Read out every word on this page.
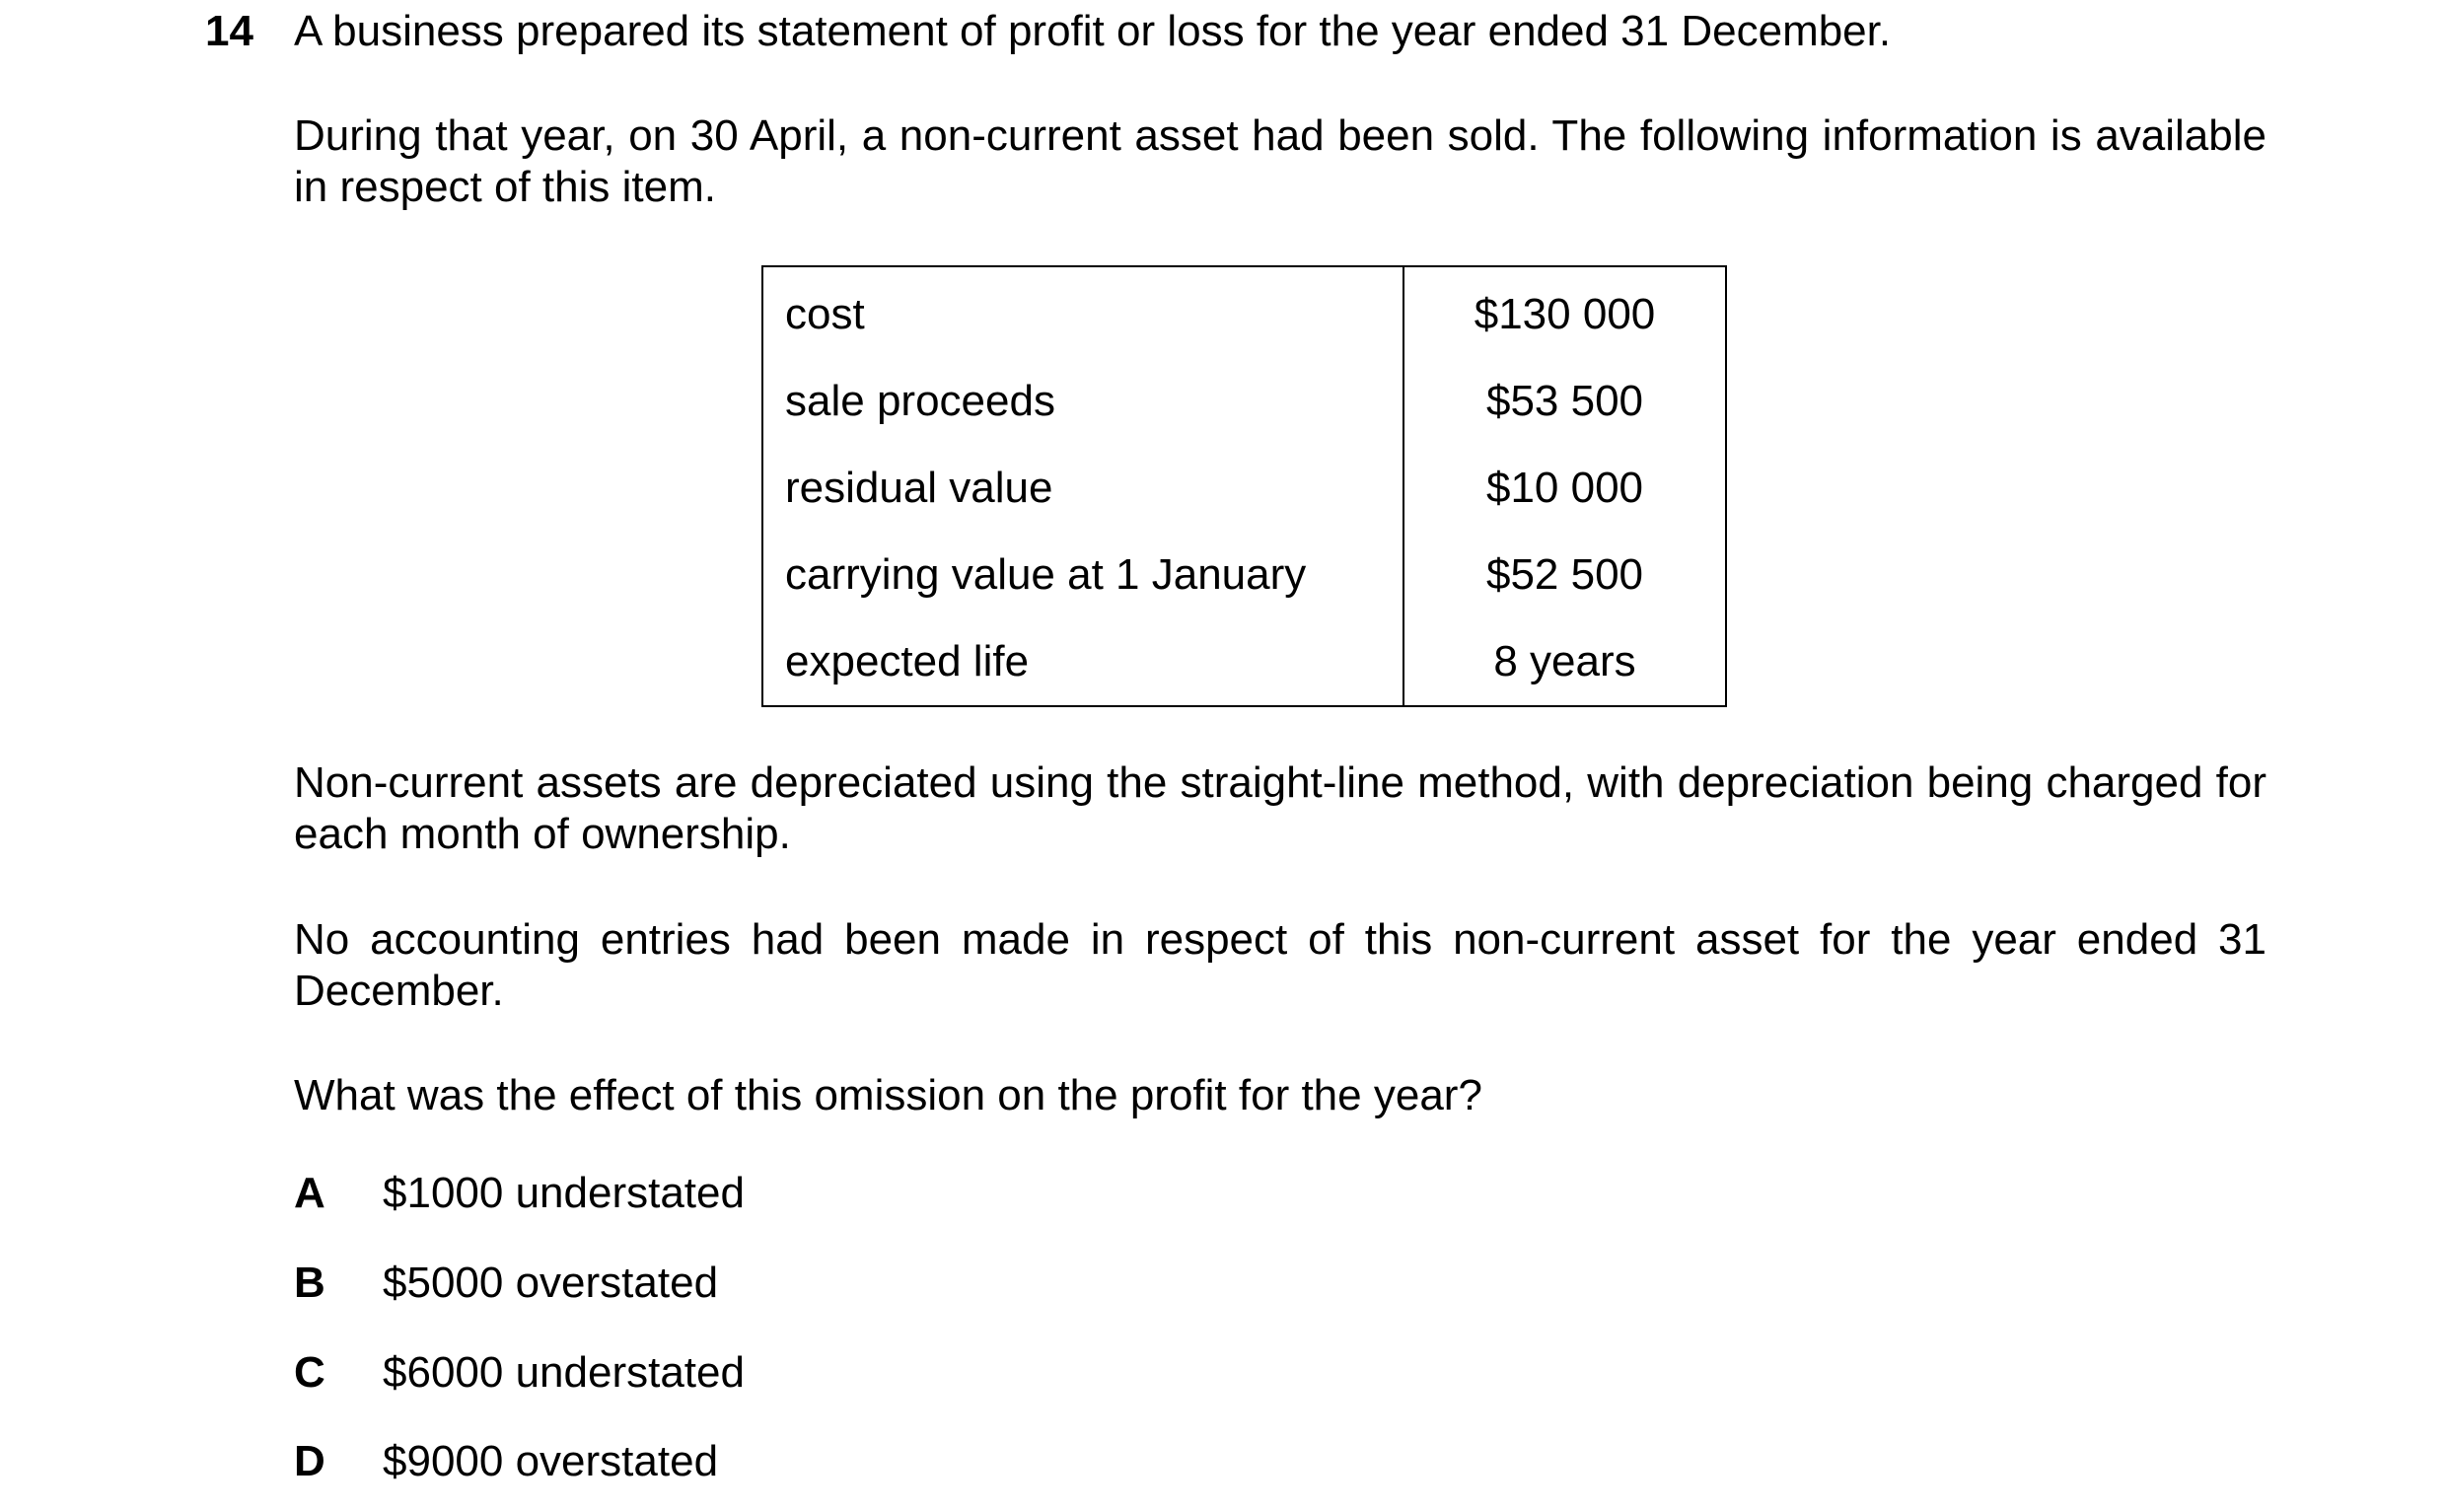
14 A business prepared its statement of profit or loss for the year ended 31 December.

During that year, on 30 April, a non-current asset had been sold. The following information is available in respect of this item.

cost	$130 000
sale proceeds	$53 500
residual value	$10 000
carrying value at 1 January	$52 500
expected life	8 years

Non-current assets are depreciated using the straight-line method, with depreciation being charged for each month of ownership.

No accounting entries had been made in respect of this non-current asset for the year ended 31 December.

What was the effect of this omission on the profit for the year?

A $1000 understated
B $5000 overstated
C $6000 understated
D $9000 overstated
